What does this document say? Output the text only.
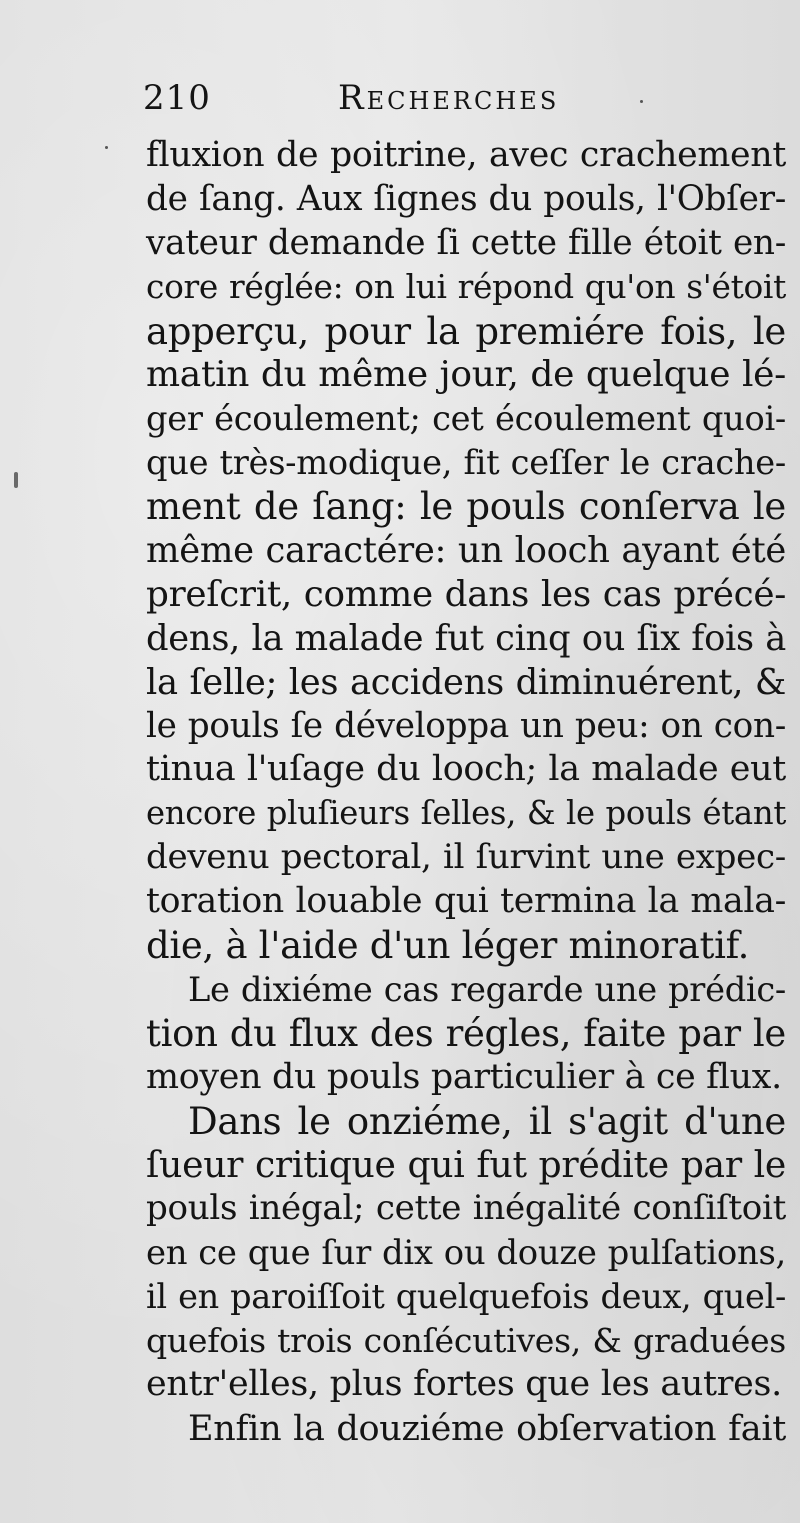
210	Recherches
fluxion de poitrine, avec crachement
de ſang. Aux ſignes du pouls, l'Obſer-
vateur demande ſi cette fille étoit en-
core réglée: on lui répond qu'on s'étoit
apperçu, pour la premiére fois, le
matin du même jour, de quelque lé-
ger écoulement; cet écoulement quoi-
que très-modique, fit ceſſer le crache-
ment de ſang: le pouls conſerva le
même caractére: un looch ayant été
preſcrit, comme dans les cas précé-
dens, la malade fut cinq ou ſix fois à
la ſelle; les accidens diminuérent, &
le pouls ſe développa un peu: on con-
tinua l'uſage du looch; la malade eut
encore pluſieurs ſelles, & le pouls étant
devenu pectoral, il ſurvint une expec-
toration louable qui termina la mala-
die, à l'aide d'un léger minoratif.
Le dixiéme cas regarde une prédic-
tion du flux des régles, faite par le
moyen du pouls particulier à ce flux.
Dans le onziéme, il s'agit d'une
ſueur critique qui fut prédite par le
pouls inégal; cette inégalité conſiſtoit
en ce que ſur dix ou douze pulſations,
il en paroiſſoit quelquefois deux, quel-
quefois trois conſécutives, & graduées
entr'elles, plus fortes que les autres.
Enfin la douziéme obſervation fait
